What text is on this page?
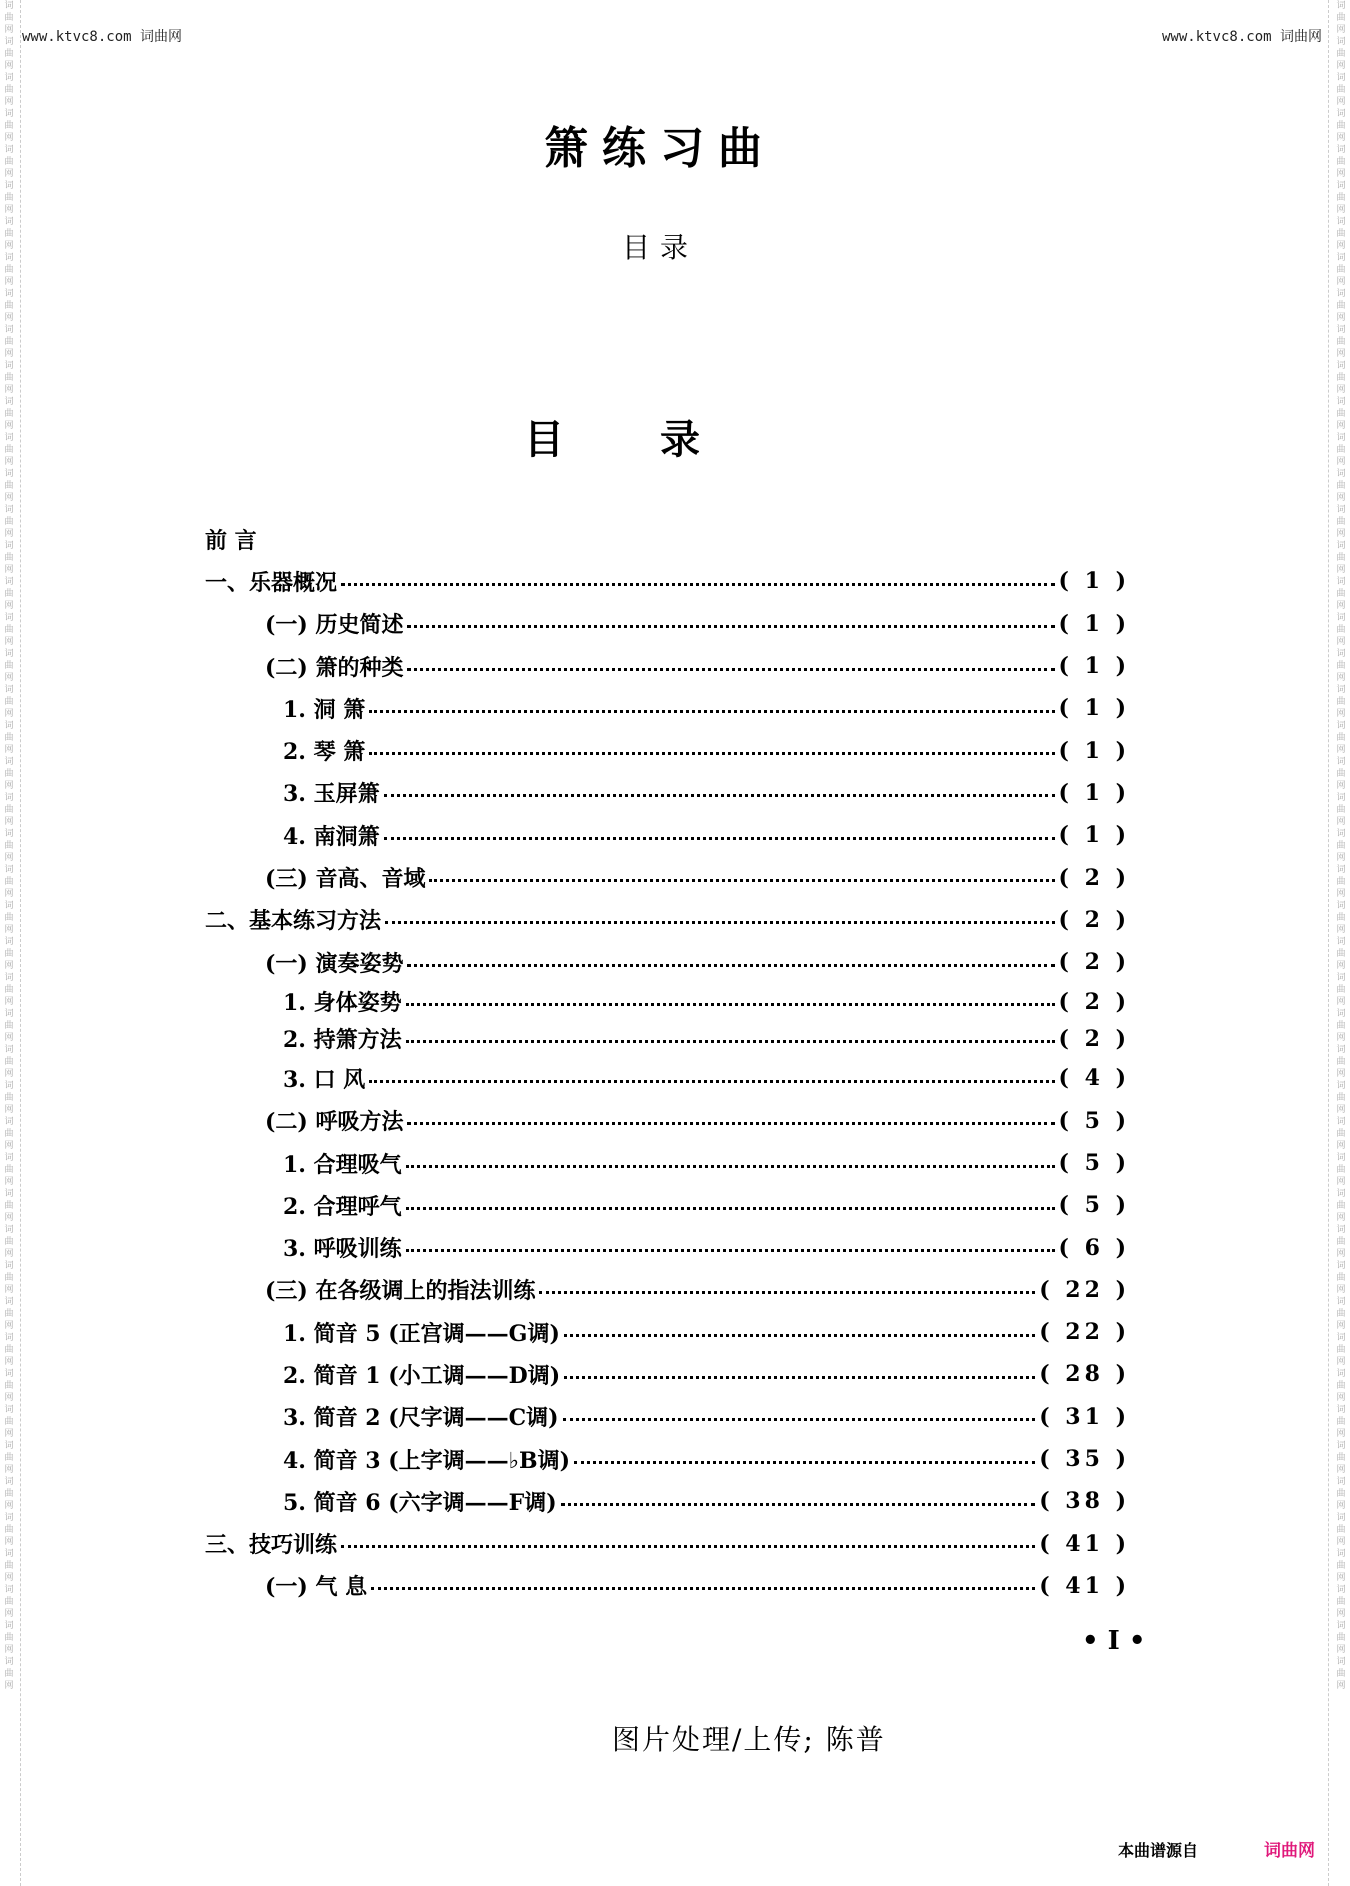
词曲网词曲网词曲网词曲网词曲网词曲网词曲网词曲网词曲网词曲网词曲网词曲网词曲网词曲网词曲网词曲网词曲网词曲网词曲网词曲网词曲网词曲网词曲网词曲网词曲网词曲网词曲网词曲网词曲网词曲网词曲网词曲网词曲网词曲网词曲网词曲网词曲网词曲网词曲网词曲网词曲网词曲网词曲网词曲网词曲网词曲网词曲网
词曲网词曲网词曲网词曲网词曲网词曲网词曲网词曲网词曲网词曲网词曲网词曲网词曲网词曲网词曲网词曲网词曲网词曲网词曲网词曲网词曲网词曲网词曲网词曲网词曲网词曲网词曲网词曲网词曲网词曲网词曲网词曲网词曲网词曲网词曲网词曲网词曲网词曲网词曲网词曲网词曲网词曲网词曲网词曲网词曲网词曲网词曲网
www.ktvc8.com 词曲网	www.ktvc8.com 词曲网
箫练习曲
目录
目录
前 言
一、乐器概况	( 1 )
(一) 历史简述	( 1 )
(二) 箫的种类	( 1 )
1. 洞 箫	( 1 )
2. 琴 箫	( 1 )
3. 玉屏箫	( 1 )
4. 南洞箫	( 1 )
(三) 音高、音域	( 2 )
二、基本练习方法	( 2 )
(一) 演奏姿势	( 2 )
1. 身体姿势	( 2 )
2. 持箫方法	( 2 )
3. 口 风	( 4 )
(二) 呼吸方法	( 5 )
1. 合理吸气	( 5 )
2. 合理呼气	( 5 )
3. 呼吸训练	( 6 )
(三) 在各级调上的指法训练	( 22 )
1. 简音 5 (正宫调——G调)	( 22 )
2. 简音 1 (小工调——D调)	( 28 )
3. 简音 2 (尺字调——C调)	( 31 )
4. 简音 3 (上字调——♭B调)	( 35 )
5. 简音 6 (六字调——F调)	( 38 )
三、技巧训练	( 41 )
(一) 气 息	( 41 )
• I •
图片处理/上传; 陈普
本曲谱源自	词曲网
